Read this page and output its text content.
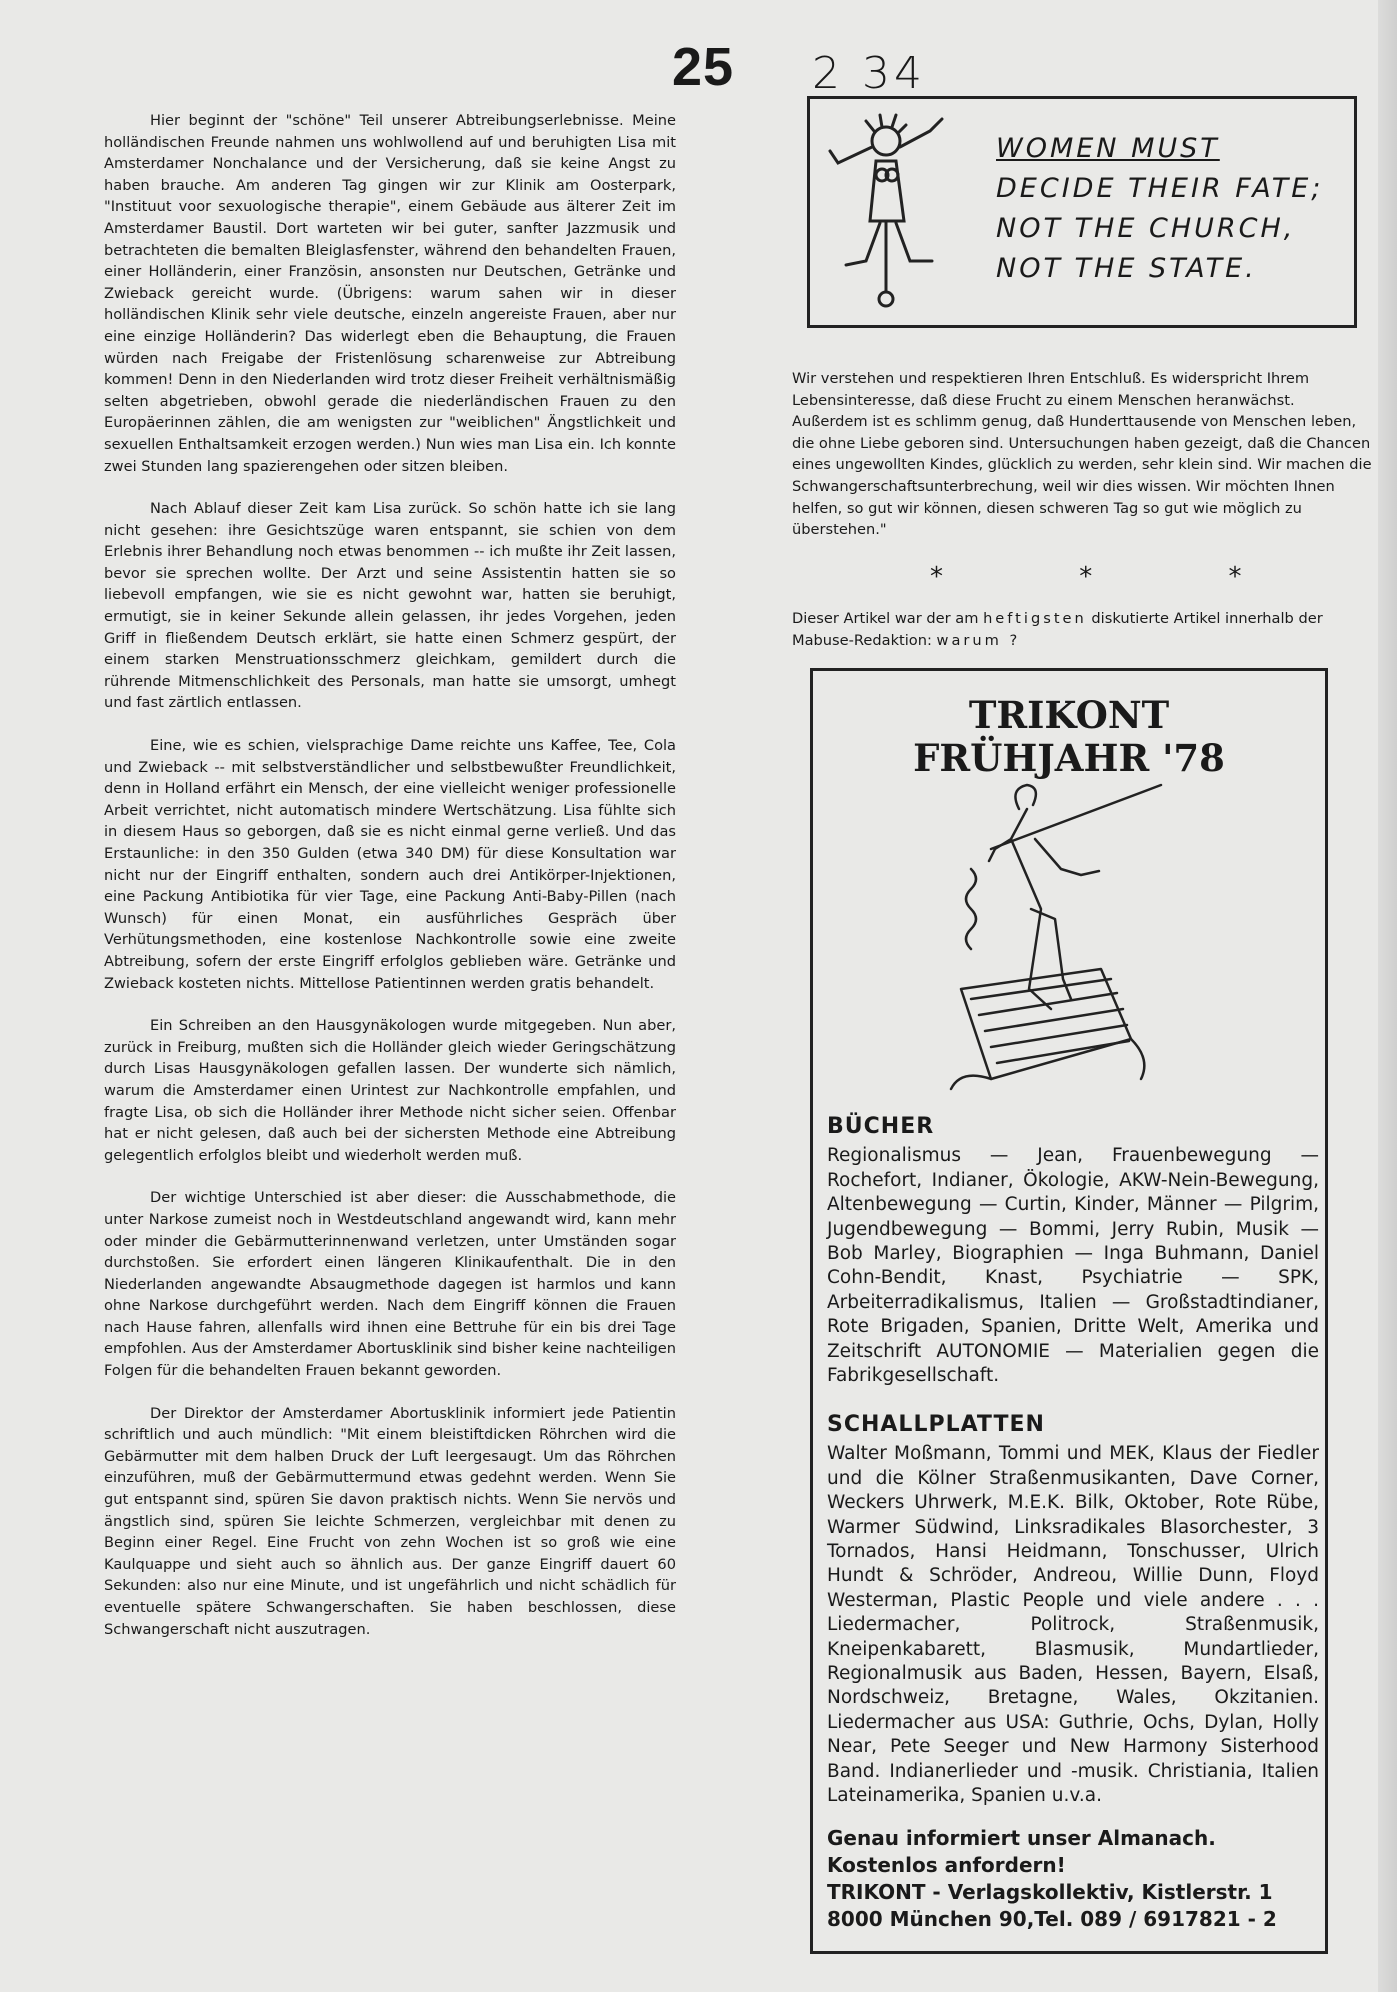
25 2 34

Hier beginnt der "schöne" Teil unserer Abtreibungserlebnisse. Meine holländischen Freunde nahmen uns wohlwollend auf und beruhigten Lisa mit Amsterdamer Nonchalance und der Versicherung, daß sie keine Angst zu haben brauche. Am anderen Tag gingen wir zur Klinik am Oosterpark, "Instituut voor sexuologische therapie", einem Gebäude aus älterer Zeit im Amsterdamer Baustil. Dort warteten wir bei guter, sanfter Jazzmusik und betrachteten die bemalten Bleiglasfenster, während den behandelten Frauen, einer Holländerin, einer Französin, ansonsten nur Deutschen, Getränke und Zwieback gereicht wurde. (Übrigens: warum sahen wir in dieser holländischen Klinik sehr viele deutsche, einzeln angereiste Frauen, aber nur eine einzige Holländerin? Das widerlegt eben die Behauptung, die Frauen würden nach Freigabe der Fristenlösung scharenweise zur Abtreibung kommen! Denn in den Niederlanden wird trotz dieser Freiheit verhältnismäßig selten abgetrieben, obwohl gerade die niederländischen Frauen zu den Europäerinnen zählen, die am wenigsten zur "weiblichen" Ängstlichkeit und sexuellen Enthaltsamkeit erzogen werden.) Nun wies man Lisa ein. Ich konnte zwei Stunden lang spazierengehen oder sitzen bleiben.

Nach Ablauf dieser Zeit kam Lisa zurück. So schön hatte ich sie lang nicht gesehen: ihre Gesichtszüge waren entspannt, sie schien von dem Erlebnis ihrer Behandlung noch etwas benommen -- ich mußte ihr Zeit lassen, bevor sie sprechen wollte. Der Arzt und seine Assistentin hatten sie so liebevoll empfangen, wie sie es nicht gewohnt war, hatten sie beruhigt, ermutigt, sie in keiner Sekunde allein gelassen, ihr jedes Vorgehen, jeden Griff in fließendem Deutsch erklärt, sie hatte einen Schmerz gespürt, der einem starken Menstruationsschmerz gleichkam, gemildert durch die rührende Mitmenschlichkeit des Personals, man hatte sie umsorgt, umhegt und fast zärtlich entlassen.

Eine, wie es schien, vielsprachige Dame reichte uns Kaffee, Tee, Cola und Zwieback -- mit selbstverständlicher und selbstbewußter Freundlichkeit, denn in Holland erfährt ein Mensch, der eine vielleicht weniger professionelle Arbeit verrichtet, nicht automatisch mindere Wertschätzung. Lisa fühlte sich in diesem Haus so geborgen, daß sie es nicht einmal gerne verließ. Und das Erstaunliche: in den 350 Gulden (etwa 340 DM) für diese Konsultation war nicht nur der Eingriff enthalten, sondern auch drei Antikörper-Injektionen, eine Packung Antibiotika für vier Tage, eine Packung Anti-Baby-Pillen (nach Wunsch) für einen Monat, ein ausführliches Gespräch über Verhütungsmethoden, eine kostenlose Nachkontrolle sowie eine zweite Abtreibung, sofern der erste Eingriff erfolglos geblieben wäre. Getränke und Zwieback kosteten nichts. Mittellose Patientinnen werden gratis behandelt.

Ein Schreiben an den Hausgynäkologen wurde mitgegeben. Nun aber, zurück in Freiburg, mußten sich die Holländer gleich wieder Geringschätzung durch Lisas Hausgynäkologen gefallen lassen. Der wunderte sich nämlich, warum die Amsterdamer einen Urintest zur Nachkontrolle empfahlen, und fragte Lisa, ob sich die Holländer ihrer Methode nicht sicher seien. Offenbar hat er nicht gelesen, daß auch bei der sichersten Methode eine Abtreibung gelegentlich erfolglos bleibt und wiederholt werden muß.

Der wichtige Unterschied ist aber dieser: die Ausschabmethode, die unter Narkose zumeist noch in Westdeutschland angewandt wird, kann mehr oder minder die Gebärmutterinnenwand verletzen, unter Umständen sogar durchstoßen. Sie erfordert einen längeren Klinikaufenthalt. Die in den Niederlanden angewandte Absaugmethode dagegen ist harmlos und kann ohne Narkose durchgeführt werden. Nach dem Eingriff können die Frauen nach Hause fahren, allenfalls wird ihnen eine Bettruhe für ein bis drei Tage empfohlen. Aus der Amsterdamer Abortusklinik sind bisher keine nachteiligen Folgen für die behandelten Frauen bekannt geworden.

Der Direktor der Amsterdamer Abortusklinik informiert jede Patientin schriftlich und auch mündlich: "Mit einem bleistiftdicken Röhrchen wird die Gebärmutter mit dem halben Druck der Luft leergesaugt. Um das Röhrchen einzuführen, muß der Gebärmuttermund etwas gedehnt werden. Wenn Sie gut entspannt sind, spüren Sie davon praktisch nichts. Wenn Sie nervös und ängstlich sind, spüren Sie leichte Schmerzen, vergleichbar mit denen zu Beginn einer Regel. Eine Frucht von zehn Wochen ist so groß wie eine Kaulquappe und sieht auch so ähnlich aus. Der ganze Eingriff dauert 60 Sekunden: also nur eine Minute, und ist ungefährlich und nicht schädlich für eventuelle spätere Schwangerschaften. Sie haben beschlossen, diese Schwangerschaft nicht auszutragen.

WOMEN MUST
DECIDE THEIR FATE;
NOT THE CHURCH,
NOT THE STATE.

Wir verstehen und respektieren Ihren Entschluß. Es widerspricht Ihrem Lebensinteresse, daß diese Frucht zu einem Menschen heranwächst. Außerdem ist es schlimm genug, daß Hunderttausende von Menschen leben, die ohne Liebe geboren sind. Untersuchungen haben gezeigt, daß die Chancen eines ungewollten Kindes, glücklich zu werden, sehr klein sind. Wir machen die Schwangerschaftsunterbrechung, weil wir dies wissen. Wir möchten Ihnen helfen, so gut wir können, diesen schweren Tag so gut wie möglich zu überstehen."

* * *
Dieser Artikel war der am heftigsten diskutierte Artikel innerhalb der Mabuse-Redaktion: warum ?
TRIKONT
FRÜHJAHR '78
BÜCHER
Regionalismus — Jean, Frauenbewegung — Rochefort, Indianer, Ökologie, AKW-Nein-Bewegung, Altenbewegung — Curtin, Kinder, Männer — Pilgrim, Jugendbewegung — Bommi, Jerry Rubin, Musik — Bob Marley, Biographien — Inga Buhmann, Daniel Cohn-Bendit, Knast, Psychiatrie — SPK, Arbeiterradikalismus, Italien — Großstadtindianer, Rote Brigaden, Spanien, Dritte Welt, Amerika und Zeitschrift AUTONOMIE — Materialien gegen die Fabrikgesellschaft.
SCHALLPLATTEN
Walter Moßmann, Tommi und MEK, Klaus der Fiedler und die Kölner Straßenmusikanten, Dave Corner, Weckers Uhrwerk, M.E.K. Bilk, Oktober, Rote Rübe, Warmer Südwind, Linksradikales Blasorchester, 3 Tornados, Hansi Heidmann, Tonschusser, Ulrich Hundt & Schröder, Andreou, Willie Dunn, Floyd Westerman, Plastic People und viele andere . . . Liedermacher, Politrock, Straßenmusik, Kneipenkabarett, Blasmusik, Mundartlieder, Regionalmusik aus Baden, Hessen, Bayern, Elsaß, Nordschweiz, Bretagne, Wales, Okzitanien. Liedermacher aus USA: Guthrie, Ochs, Dylan, Holly Near, Pete Seeger und New Harmony Sisterhood Band. Indianerlieder und -musik. Christiania, Italien Lateinamerika, Spanien u.v.a.

Genau informiert unser Almanach. Kostenlos anfordern!

TRIKONT - Verlagskollektiv, Kistlerstr. 1

8000 München 90,Tel. 089 / 6917821 - 2
